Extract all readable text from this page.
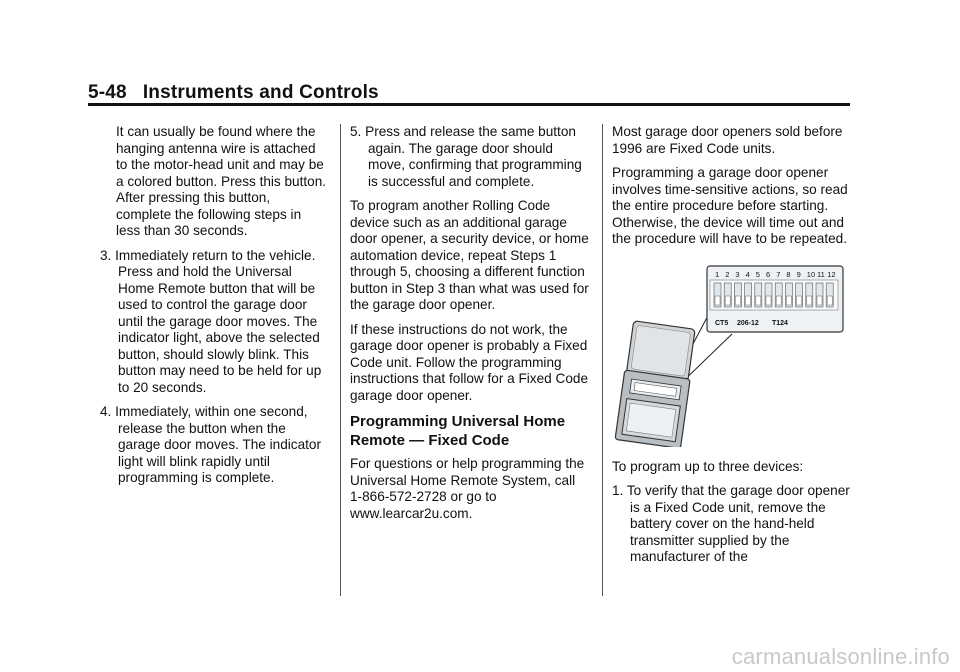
5-48 Instruments and Controls

It can usually be found where the hanging antenna wire is attached to the motor-head unit and may be a colored button. Press this button. After pressing this button, complete the following steps in less than 30 seconds.

3. Immediately return to the vehicle. Press and hold the Universal Home Remote button that will be used to control the garage door until the garage door moves. The indicator light, above the selected button, should slowly blink. This button may need to be held for up to 20 seconds.

4. Immediately, within one second, release the button when the garage door moves. The indicator light will blink rapidly until programming is complete.

5. Press and release the same button again. The garage door should move, confirming that programming is successful and complete.

To program another Rolling Code device such as an additional garage door opener, a security device, or home automation device, repeat Steps 1 through 5, choosing a different function button in Step 3 than what was used for the garage door opener.

If these instructions do not work, the garage door opener is probably a Fixed Code unit. Follow the programming instructions that follow for a Fixed Code garage door opener.

Programming Universal Home Remote — Fixed Code

For questions or help programming the Universal Home Remote System, call 1-866-572-2728 or go to www.learcar2u.com.

Most garage door openers sold before 1996 are Fixed Code units.

Programming a garage door opener involves time-sensitive actions, so read the entire procedure before starting. Otherwise, the device will time out and the procedure will have to be repeated.

1 2 3 4 5 6 7 8 9 10 11 12
CT5 206-12 T124

To program up to three devices:

1. To verify that the garage door opener is a Fixed Code unit, remove the battery cover on the hand-held transmitter supplied by the manufacturer of the

carmanualsonline.info
